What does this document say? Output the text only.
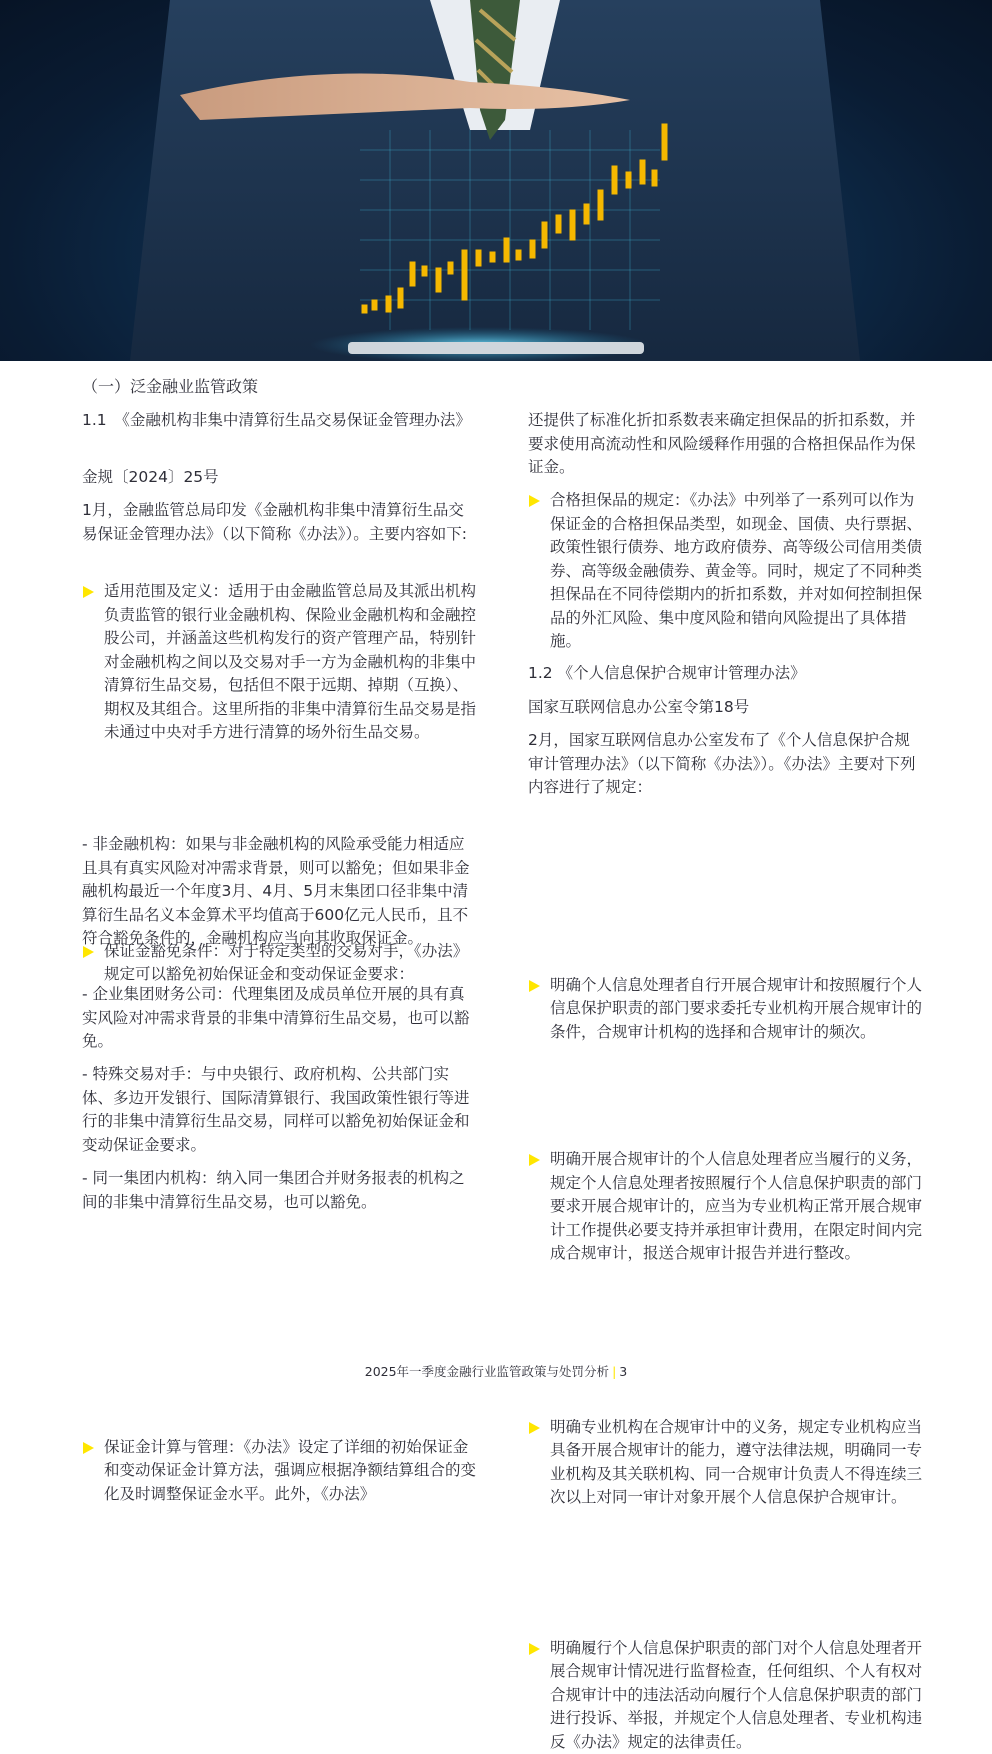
（一）泛金融业监管政策

1.1　《金融机构非集中清算衍生品交易保证金管理办法》

金规〔2024〕25号

1月，金融监管总局印发《金融机构非集中清算衍生品交易保证金管理办法》（以下简称《办法》）。主要内容如下:

适用范围及定义：适用于由金融监管总局及其派出机构负责监管的银行业金融机构、保险业金融机构和金融控股公司，并涵盖这些机构发行的资产管理产品，特别针对金融机构之间以及交易对手一方为金融机构的非集中清算衍生品交易，包括但不限于远期、掉期（互换）、期权及其组合。这里所指的非集中清算衍生品交易是指未通过中央对手方进行清算的场外衍生品交易。

保证金豁免条件：对于特定类型的交易对手，《办法》规定可以豁免初始保证金和变动保证金要求：

- 非金融机构：如果与非金融机构的风险承受能力相适应且具有真实风险对冲需求背景，则可以豁免；但如果非金融机构最近一个年度3月、4月、5月末集团口径非集中清算衍生品名义本金算术平均值高于600亿元人民币，且不符合豁免条件的，金融机构应当向其收取保证金。

- 企业集团财务公司：代理集团及成员单位开展的具有真实风险对冲需求背景的非集中清算衍生品交易，也可以豁免。

- 特殊交易对手：与中央银行、政府机构、公共部门实体、多边开发银行、国际清算银行、我国政策性银行等进行的非集中清算衍生品交易，同样可以豁免初始保证金和变动保证金要求。

- 同一集团内机构：纳入同一集团合并财务报表的机构之间的非集中清算衍生品交易，也可以豁免。

保证金计算与管理：《办法》设定了详细的初始保证金和变动保证金计算方法，强调应根据净额结算组合的变化及时调整保证金水平。此外，《办法》

还提供了标准化折扣系数表来确定担保品的折扣系数，并要求使用高流动性和风险缓释作用强的合格担保品作为保证金。

合格担保品的规定：《办法》中列举了一系列可以作为保证金的合格担保品类型，如现金、国债、央行票据、政策性银行债券、地方政府债券、高等级公司信用类债券、高等级金融债券、黄金等。同时，规定了不同种类担保品在不同待偿期内的折扣系数，并对如何控制担保品的外汇风险、集中度风险和错向风险提出了具体措施。

1.2 《个人信息保护合规审计管理办法》

国家互联网信息办公室令第18号

2月，国家互联网信息办公室发布了《个人信息保护合规审计管理办法》（以下简称《办法》）。《办法》主要对下列内容进行了规定：

明确个人信息处理者自行开展合规审计和按照履行个人信息保护职责的部门要求委托专业机构开展合规审计的条件，合规审计机构的选择和合规审计的频次。

明确开展合规审计的个人信息处理者应当履行的义务，规定个人信息处理者按照履行个人信息保护职责的部门要求开展合规审计的，应当为专业机构正常开展合规审计工作提供必要支持并承担审计费用，在限定时间内完成合规审计，报送合规审计报告并进行整改。

明确专业机构在合规审计中的义务，规定专业机构应当具备开展合规审计的能力，遵守法律法规，明确同一专业机构及其关联机构、同一合规审计负责人不得连续三次以上对同一审计对象开展个人信息保护合规审计。

明确履行个人信息保护职责的部门对个人信息处理者开展合规审计情况进行监督检查，任何组织、个人有权对合规审计中的违法活动向履行个人信息保护职责的部门进行投诉、举报，并规定个人信息处理者、专业机构违反《办法》规定的法律责任。

2025年一季度金融行业监管政策与处罚分析 | 3
